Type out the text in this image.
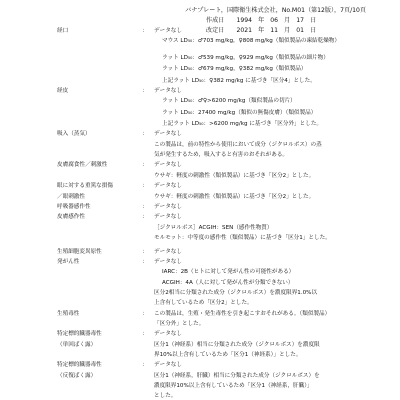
バナプレート，国際衛生株式会社，No.M01（第12版），7頁/10頁
作成日　　1994　年　06　月　17　日
改定日　　2021　年　11　月　01　日
経口	： データなし
マウス LD₅₀：♂703 mg/kg，♀808 mg/kg（類似製品の凍結乾燥物）
ラット LD₅₀：♂539 mg/kg，♀929 mg/kg（類似製品の細片物）
ラット LD₅₀：♂679 mg/kg，♀382 mg/kg（類似製品）
上記ラット LD₅₀：♀382 mg/kg に基づき「区分4」とした。
経皮	： データなし
ラット LD₅₀：♂♀>6200 mg/kg（類似製品の切片）
ラット LD₅₀：27400 mg/kg（類似の無傷皮膚）（類似製品）
上記ラット LD₅₀：>6200 mg/kg に基づき「区分外」とした。
吸入（蒸気）	： データなし
この製品は，前の特性から使用において成分（ジクロルボス）の蒸
気が発生するため，吸入すると有害のおそれがある。
皮膚腐食性／刺激性	： データなし
ウサギ：軽度の刺激性（類似製品）に基づき「区分2」とした。
眼に対する重篤な損傷	： データなし
／眼刺激性	ウサギ：軽度の刺激性（類似製品）に基づき「区分2」とした。
呼吸器感作性	： データなし
皮膚感作性	： データなし
［ジクロルボス］ACGIH：SEN（感作性物質）
モルモット：中等度の感作性（類似製品）に基づき「区分1」とした。
生殖細胞変異原性	： データなし
発がん性	： データなし
IARC：2B（ヒトに対して発がん性の可能性がある）
ACGIH：4A（人に対して発がん性が分類できない）
区分2相当に分類された成分（ジクロルボス）を濃度限界1.0%以
上含有しているため「区分2」とした。
生殖毒性	： この製品は，生殖・発生毒性を引き起こすおそれがある。（類似製品）
「区分外」とした。
特定標的臓器毒性	： データなし
（単回ばく露）	区分1（神経系）相当に分類された成分（ジクロルボス）を濃度限
界10%以上含有しているため「区分1（神経系）」とした。
特定標的臓器毒性	： データなし
（反復ばく露）	区分1（神経系，肝臓）相当に分類された成分（ジクロルボス）を
濃度限界10%以上含有しているため「区分1（神経系，肝臓）」
とした。
